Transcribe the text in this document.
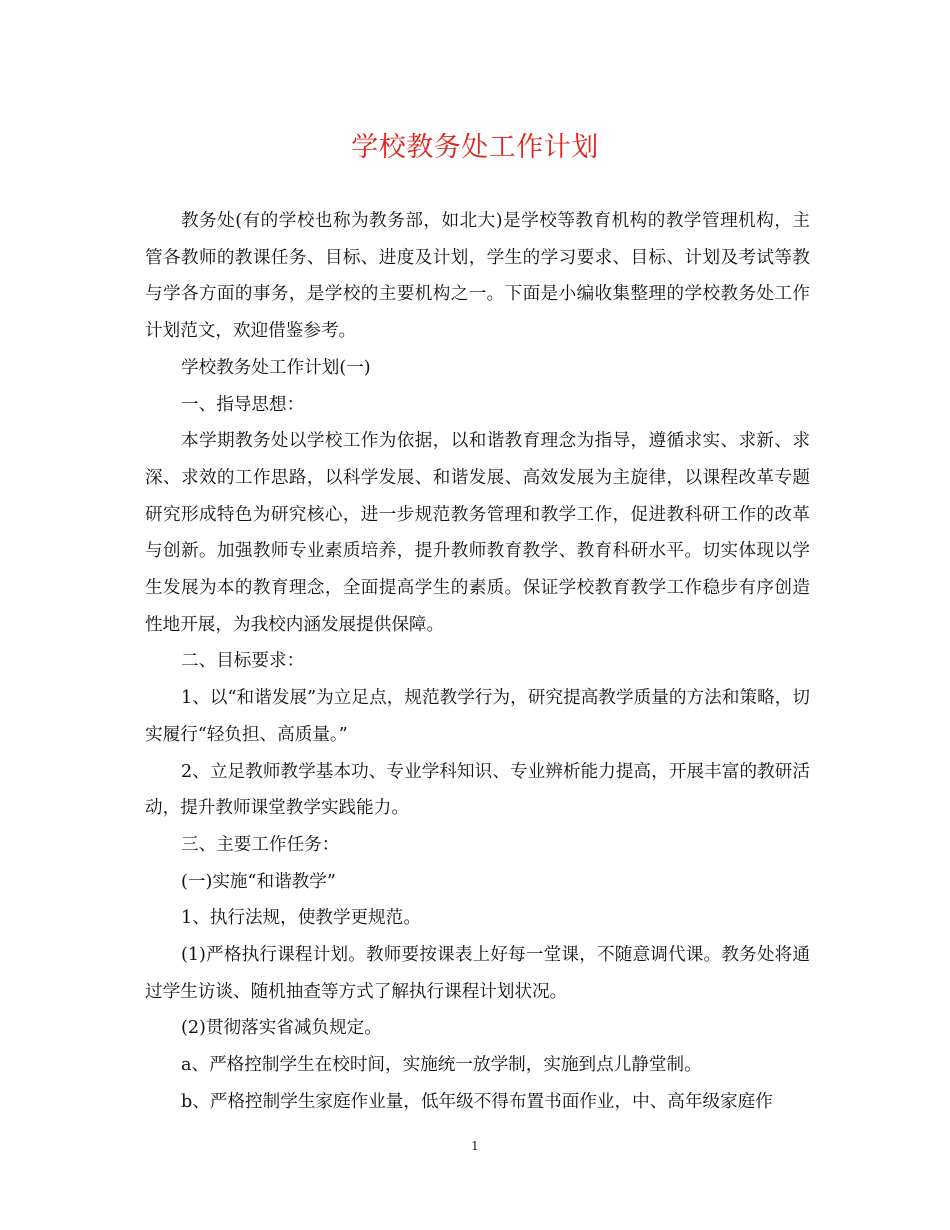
学校教务处工作计划

教务处(有的学校也称为教务部，如北大)是学校等教育机构的教学管理机构，主管各教师的教课任务、目标、进度及计划，学生的学习要求、目标、计划及考试等教与学各方面的事务，是学校的主要机构之一。下面是小编收集整理的学校教务处工作计划范文，欢迎借鉴参考。

学校教务处工作计划(一)

一、指导思想：

本学期教务处以学校工作为依据，以和谐教育理念为指导，遵循求实、求新、求深、求效的工作思路，以科学发展、和谐发展、高效发展为主旋律，以课程改革专题研究形成特色为研究核心，进一步规范教务管理和教学工作，促进教科研工作的改革与创新。加强教师专业素质培养，提升教师教育教学、教育科研水平。切实体现以学生发展为本的教育理念，全面提高学生的素质。保证学校教育教学工作稳步有序创造性地开展，为我校内涵发展提供保障。

二、目标要求：

1、以“和谐发展”为立足点，规范教学行为，研究提高教学质量的方法和策略，切实履行“轻负担、高质量。”

2、立足教师教学基本功、专业学科知识、专业辨析能力提高，开展丰富的教研活动，提升教师课堂教学实践能力。

三、主要工作任务：

(一)实施“和谐教学”

1、执行法规，使教学更规范。

(1)严格执行课程计划。教师要按课表上好每一堂课，不随意调代课。教务处将通过学生访谈、随机抽查等方式了解执行课程计划状况。

(2)贯彻落实省减负规定。

a、严格控制学生在校时间，实施统一放学制，实施到点儿静堂制。

b、严格控制学生家庭作业量，低年级不得布置书面作业，中、高年级家庭作

1
